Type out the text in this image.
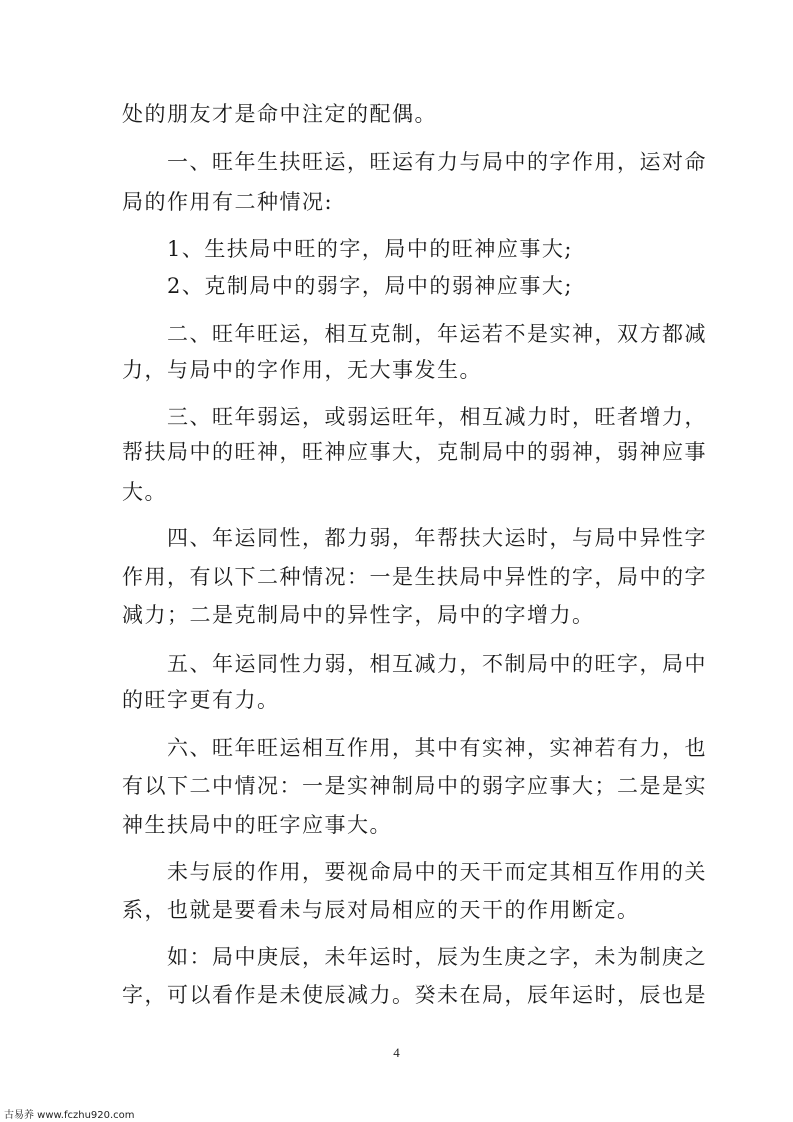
处的朋友才是命中注定的配偶。
　　一、旺年生扶旺运，旺运有力与局中的字作用，运对命
局的作用有二种情况:
　　1、生扶局中旺的字，局中的旺神应事大;
　　2、克制局中的弱字，局中的弱神应事大;
　　二、旺年旺运，相互克制，年运若不是实神，双方都减
力，与局中的字作用，无大事发生。
　　三、旺年弱运，或弱运旺年，相互减力时，旺者增力，
帮扶局中的旺神，旺神应事大，克制局中的弱神，弱神应事
大。
　　四、年运同性，都力弱，年帮扶大运时，与局中异性字
作用，有以下二种情况：一是生扶局中异性的字，局中的字
减力；二是克制局中的异性字，局中的字增力。
　　五、年运同性力弱，相互减力，不制局中的旺字，局中
的旺字更有力。
　　六、旺年旺运相互作用，其中有实神，实神若有力，也
有以下二中情况：一是实神制局中的弱字应事大；二是是实
神生扶局中的旺字应事大。
　　未与辰的作用，要视命局中的天干而定其相互作用的关
系，也就是要看未与辰对局相应的天干的作用断定。
　　如：局中庚辰，未年运时，辰为生庚之字，未为制庚之
字，可以看作是未使辰减力。癸未在局，辰年运时，辰也是
4
古易养 www.fczhu920.com
